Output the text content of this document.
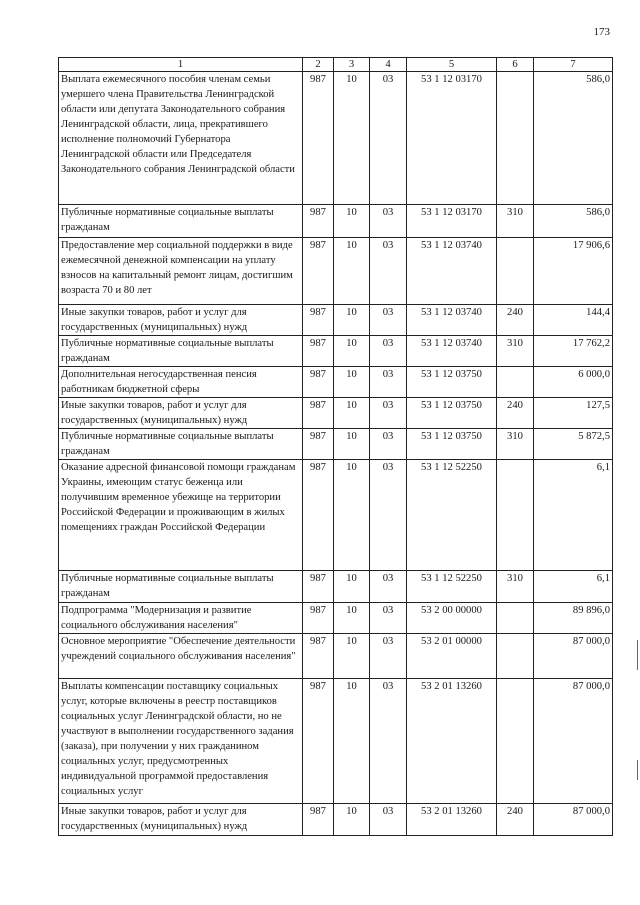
173
1	2	3	4	5	6	7
Выплата ежемесячного пособия членам семьи умершего члена Правительства Ленинградской области или депутата Законодательного собрания Ленинградской области, лица, прекратившего исполнение полномочий Губернатора Ленинградской области или Председателя Законодательного собрания Ленинградской области	987	10	03	53 1 12 03170		586,0
Публичные нормативные социальные выплаты гражданам	987	10	03	53 1 12 03170	310	586,0
Предоставление мер социальной поддержки в виде ежемесячной денежной компенсации на уплату взносов на капитальный ремонт лицам, достигшим возраста 70 и 80 лет	987	10	03	53 1 12 03740		17 906,6
Иные закупки товаров, работ и услуг для государственных (муниципальных) нужд	987	10	03	53 1 12 03740	240	144,4
Публичные нормативные социальные выплаты гражданам	987	10	03	53 1 12 03740	310	17 762,2
Дополнительная негосударственная пенсия работникам бюджетной сферы	987	10	03	53 1 12 03750		6 000,0
Иные закупки товаров, работ и услуг для государственных (муниципальных) нужд	987	10	03	53 1 12 03750	240	127,5
Публичные нормативные социальные выплаты гражданам	987	10	03	53 1 12 03750	310	5 872,5
Оказание адресной финансовой помощи гражданам Украины, имеющим статус беженца или получившим временное убежище на территории Российской Федерации и проживающим в жилых помещениях граждан Российской Федерации	987	10	03	53 1 12 52250		6,1
Публичные нормативные социальные выплаты гражданам	987	10	03	53 1 12 52250	310	6,1
Подпрограмма "Модернизация и развитие социального обслуживания населения"	987	10	03	53 2 00 00000		89 896,0
Основное мероприятие "Обеспечение деятельности учреждений социального обслуживания населения"	987	10	03	53 2 01 00000		87 000,0
Выплаты компенсации поставщику социальных услуг, которые включены в реестр поставщиков социальных услуг Ленинградской области, но не участвуют в выполнении государственного задания (заказа), при получении у них гражданином социальных услуг, предусмотренных индивидуальной программой предоставления социальных услуг	987	10	03	53 2 01 13260		87 000,0
Иные закупки товаров, работ и услуг для государственных (муниципальных) нужд	987	10	03	53 2 01 13260	240	87 000,0
